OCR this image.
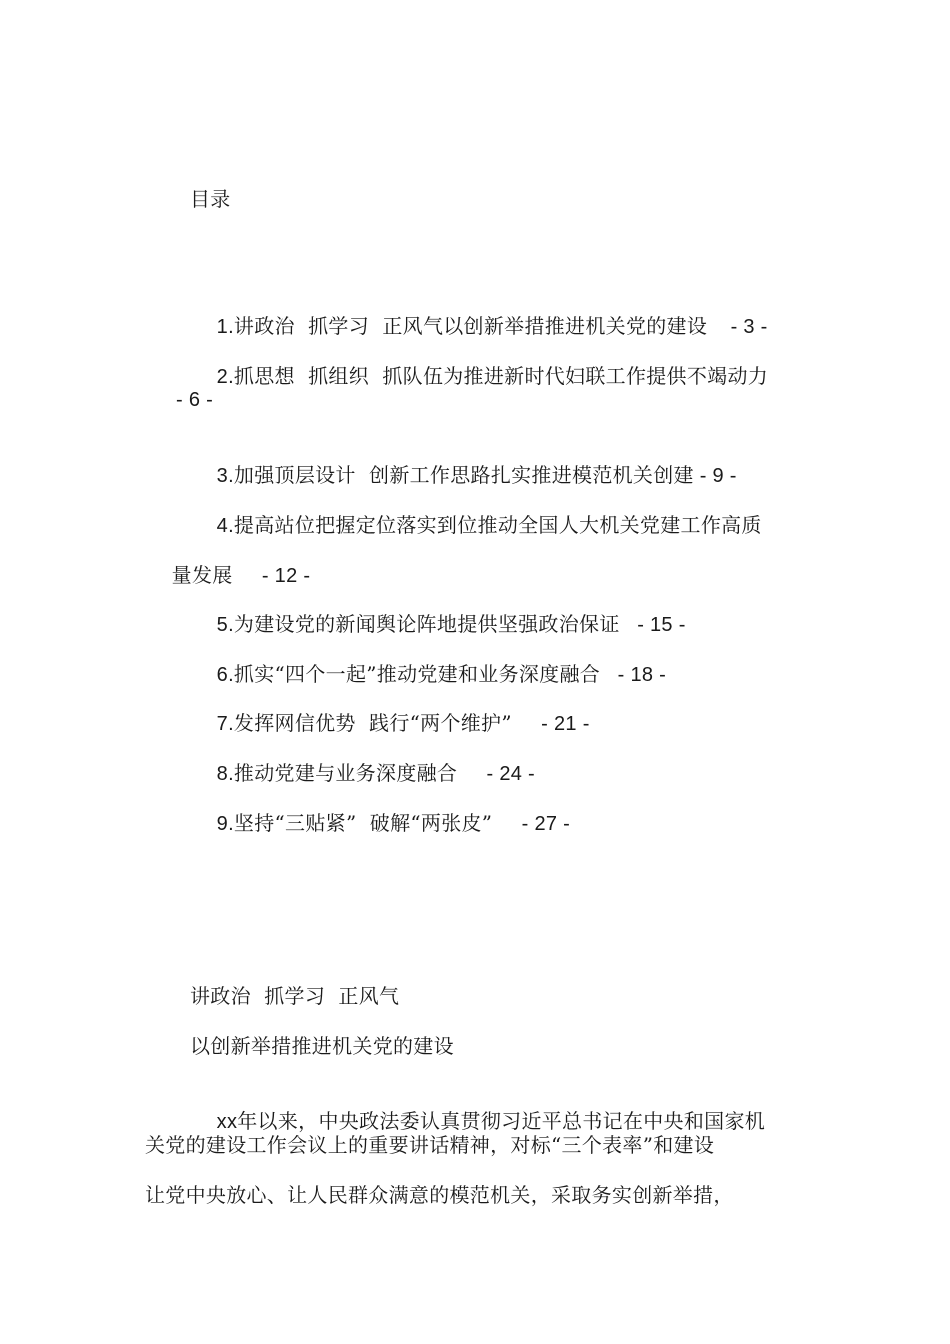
目录

1.讲政治  抓学习  正风气以创新举措推进机关党的建设    - 3 -

2.抓思想  抓组织  抓队伍为推进新时代妇联工作提供不竭动力

- 6 -

3.加强顶层设计  创新工作思路扎实推进模范机关创建 - 9 -

4.提高站位把握定位落实到位推动全国人大机关党建工作高质

量发展     - 12 -

5.为建设党的新闻舆论阵地提供坚强政治保证   - 15 -

6.抓实“四个一起”推动党建和业务深度融合   - 18 -

7.发挥网信优势  践行“两个维护”     - 21 -

8.推动党建与业务深度融合     - 24 -

9.坚持“三贴紧”  破解“两张皮”     - 27 -

讲政治  抓学习  正风气
以创新举措推进机关党的建设

xx年以来，中央政法委认真贯彻习近平总书记在中央和国家机

关党的建设工作会议上的重要讲话精神，对标“三个表率”和建设
让党中央放心、让人民群众满意的模范机关，采取务实创新举措，
